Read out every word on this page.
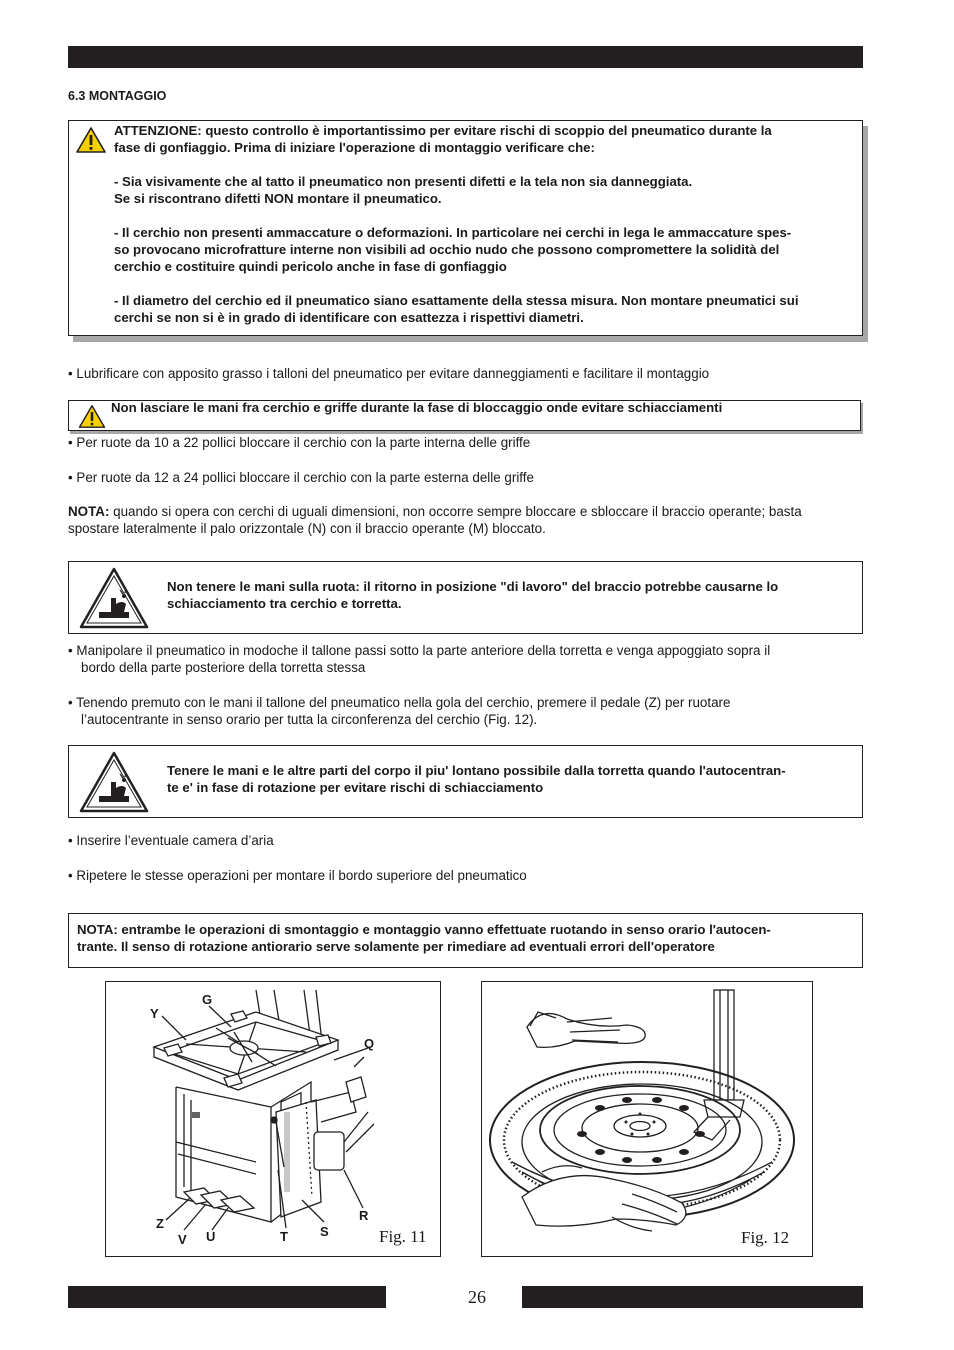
6.3 MONTAGGIO
ATTENZIONE: questo controllo è importantissimo per evitare rischi di scoppio del pneumatico durante la
fase di gonfiaggio. Prima di iniziare l'operazione di montaggio verificare che:
- Sia visivamente che al tatto il pneumatico non presenti difetti e la tela non sia danneggiata.
Se si riscontrano difetti NON montare il pneumatico.
- Il cerchio non presenti ammaccature o deformazioni. In particolare nei cerchi in lega le ammaccature spes-
so provocano microfratture interne non visibili ad occhio nudo che possono compromettere la solidità del
cerchio e costituire quindi pericolo anche in fase di gonfiaggio
- Il diametro del cerchio ed il pneumatico siano esattamente della stessa misura. Non montare pneumatici sui
cerchi se non si è in grado di identificare con esattezza i rispettivi diametri.
• Lubrificare con apposito grasso i talloni del pneumatico per evitare danneggiamenti e facilitare il montaggio
Non lasciare le mani fra cerchio e griffe durante la fase di bloccaggio onde evitare schiacciamenti
• Per ruote da 10 a 22 pollici bloccare il cerchio con la parte interna delle griffe
• Per ruote da 12 a 24 pollici bloccare il cerchio con la parte esterna delle griffe
NOTA: quando si opera con cerchi di uguali dimensioni, non occorre sempre bloccare e sbloccare il braccio operante; basta
spostare lateralmente il palo orizzontale (N) con il braccio operante (M) bloccato.
Non tenere le mani sulla ruota: il ritorno in posizione "di lavoro" del braccio potrebbe causarne lo
schiacciamento tra cerchio e torretta.
• Manipolare il pneumatico in modoche il tallone passi sotto la parte anteriore della torretta e venga appoggiato sopra il
bordo della parte posteriore della torretta stessa
• Tenendo premuto con le mani il tallone del pneumatico nella gola del cerchio, premere il pedale (Z) per ruotare
l’autocentrante in senso orario per tutta la circonferenza del cerchio (Fig. 12).
Tenere le mani e le altre parti del corpo il piu' lontano possibile dalla torretta quando l'autocentran-
te e' in fase di rotazione per evitare rischi di schiacciamento
• Inserire l’eventuale camera d’aria
• Ripetere le stesse operazioni per montare il bordo superiore del pneumatico
NOTA: entrambe le operazioni di smontaggio e montaggio vanno effettuate ruotando in senso orario l'autocen-
trante. Il senso di rotazione antiorario serve solamente per rimediare ad eventuali errori dell'operatore
Y
G
Q
R
Z
V U	T S	Fig. 11	Fig. 12
26
